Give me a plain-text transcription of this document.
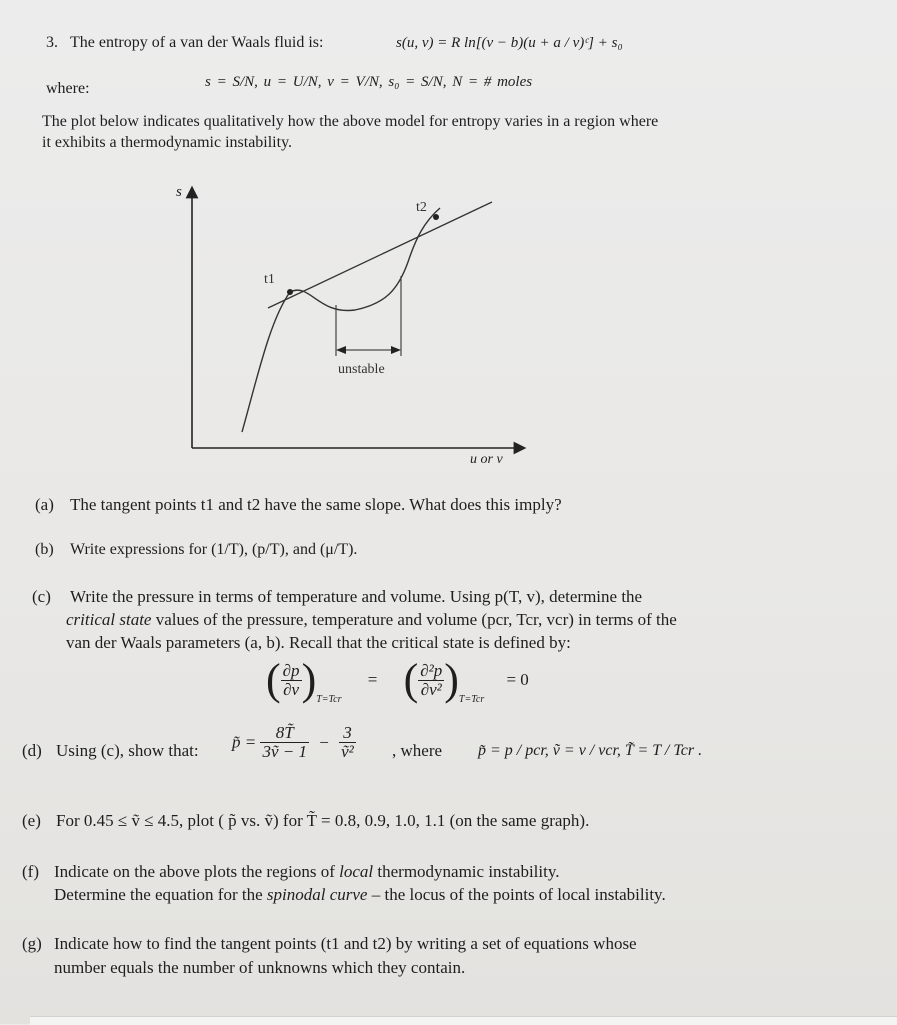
3. The entropy of a van der Waals fluid is:	s(u, v) = R ln[(v − b)(u + a / v)ᶜ] + s₀
where:	s = S/N, u = U/N, v = V/N, s₀ = S/N, N = # moles
The plot below indicates qualitatively how the above model for entropy varies in a region where
it exhibits a thermodynamic instability.
s
t2
t1
unstable
u or v
(a) The tangent points t1 and t2 have the same slope. What does this imply?
(b) Write expressions for (1/T), (p/T), and (μ/T).
(c) Write the pressure in terms of temperature and volume. Using p(T, v), determine the
critical state values of the pressure, temperature and volume (pcr, Tcr, vcr) in terms of the
van der Waals parameters (a, b). Recall that the critical state is defined by:
( $\frac{\partial p}{\partial v} )_{T=Tcr}$ = ( $\frac{\text{∂²p}}{\text{∂v²}} )_{T=Tcr} = 0$
(d) Using (c), show that: p̃ = $\frac{8T̃}{\text{3ṽ − 1}} - \frac{3}{\text{ṽ²}}$ , where p̃ = p / pcr, ṽ = v / vcr, T̃ = T / Tcr .
(e) For 0.45 ≤ ṽ ≤ 4.5, plot ( p̃ vs. ṽ) for T̃ = 0.8, 0.9, 1.0, 1.1 (on the same graph).
(f) Indicate on the above plots the regions of local thermodynamic instability.
Determine the equation for the spinodal curve – the locus of the points of local instability.
(g) Indicate how to find the tangent points (t1 and t2) by writing a set of equations whose
number equals the number of unknowns which they contain.
